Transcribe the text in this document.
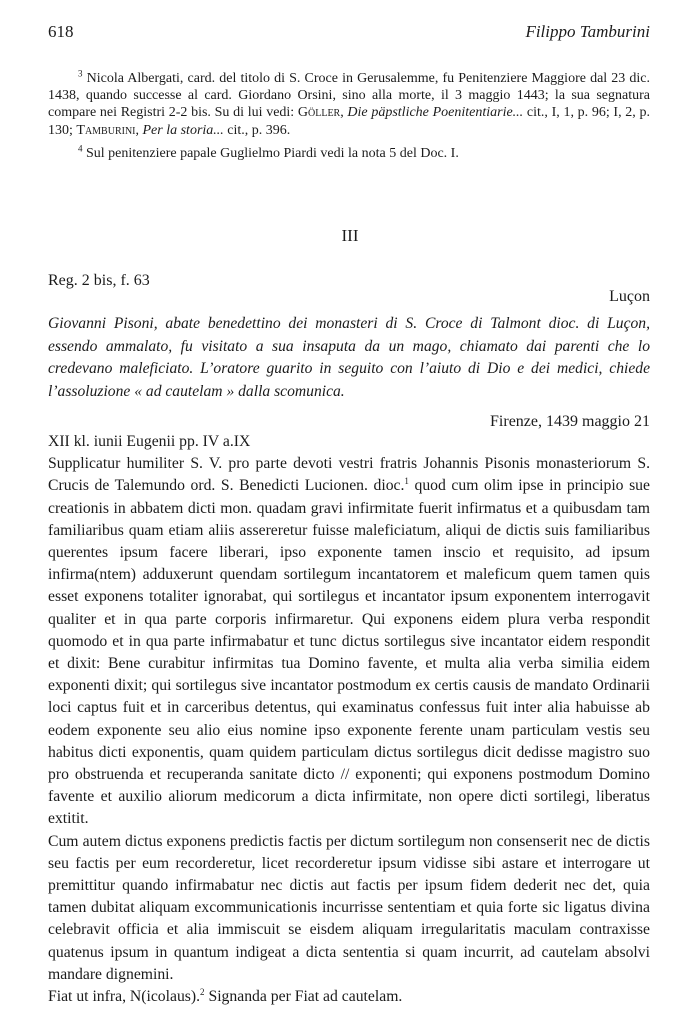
618	Filippo Tamburini

$^3$ Nicola Albergati, card. del titolo di S. Croce in Gerusalemme, fu Penitenziere Maggiore dal 23 dic. 1438, quando successe al card. Giordano Orsini, sino alla morte, il 3 maggio 1443; la sua segnatura compare nei Registri 2-2 bis. Su di lui vedi: Göller, Die päpstliche Poenitentiarie... cit., I, 1, p. 96; I, 2, p. 130; Tamburini, Per la storia... cit., p. 396.

$^4$ Sul penitenziere papale Guglielmo Piardi vedi la nota 5 del Doc. I.

III
Reg. 2 bis, f. 63
Luçon
Giovanni Pisoni, abate benedettino dei monasteri di S. Croce di Talmont dioc. di Luçon, essendo ammalato, fu visitato a sua insaputa da un mago, chiamato dai parenti che lo credevano maleficiato. L’oratore guarito in seguito con l’aiuto di Dio e dei medici, chiede l’assoluzione « ad cautelam » dalla scomunica.
Firenze, 1439 maggio 21

XII kl. iunii Eugenii pp. IV a.IX

Supplicatur humiliter S. V. pro parte devoti vestri fratris Johannis Pisonis monasteriorum S. Crucis de Talemundo ord. S. Benedicti Lucionen. dioc.$^1$ quod cum olim ipse in principio sue creationis in abbatem dicti mon. quadam gravi infirmitate fuerit infirmatus et a quibusdam tam familiaribus quam etiam aliis assereretur fuisse maleficiatum, aliqui de dictis suis familiaribus querentes ipsum facere liberari, ipso exponente tamen inscio et requisito, ad ipsum infirma(ntem) adduxerunt quendam sortilegum incantatorem et maleficum quem tamen quis esset exponens totaliter ignorabat, qui sortilegus et incantator ipsum exponentem interrogavit qualiter et in qua parte corporis infirmaretur. Qui exponens eidem plura verba respondit quomodo et in qua parte infirmabatur et tunc dictus sortilegus sive incantator eidem respondit et dixit: Bene curabitur infirmitas tua Domino favente, et multa alia verba similia eidem exponenti dixit; qui sortilegus sive incantator postmodum ex certis causis de mandato Ordinarii loci captus fuit et in carceribus detentus, qui examinatus confessus fuit inter alia habuisse ab eodem exponente seu alio eius nomine ipso exponente ferente unam particulam vestis seu habitus dicti exponentis, quam quidem particulam dictus sortilegus dicit dedisse magistro suo pro obstruenda et recuperanda sanitate dicto // exponenti; qui exponens postmodum Domino favente et auxilio aliorum medicorum a dicta infirmitate, non opere dicti sortilegi, liberatus extitit.

Cum autem dictus exponens predictis factis per dictum sortilegum non consenserit nec de dictis seu factis per eum recorderetur, licet recorderetur ipsum vidisse sibi astare et interrogare ut premittitur quando infirmabatur nec dictis aut factis per ipsum fidem dederit nec det, quia tamen dubitat aliquam excommunicationis incurrisse sententiam et quia forte sic ligatus divina celebravit officia et alia immiscuit se eisdem aliquam irregularitatis maculam contraxisse quatenus ipsum in quantum indigeat a dicta sententia si quam incurrit, ad cautelam absolvi mandare dignemini.

Fiat ut infra, N(icolaus).$^2$ Signanda per Fiat ad cautelam.
